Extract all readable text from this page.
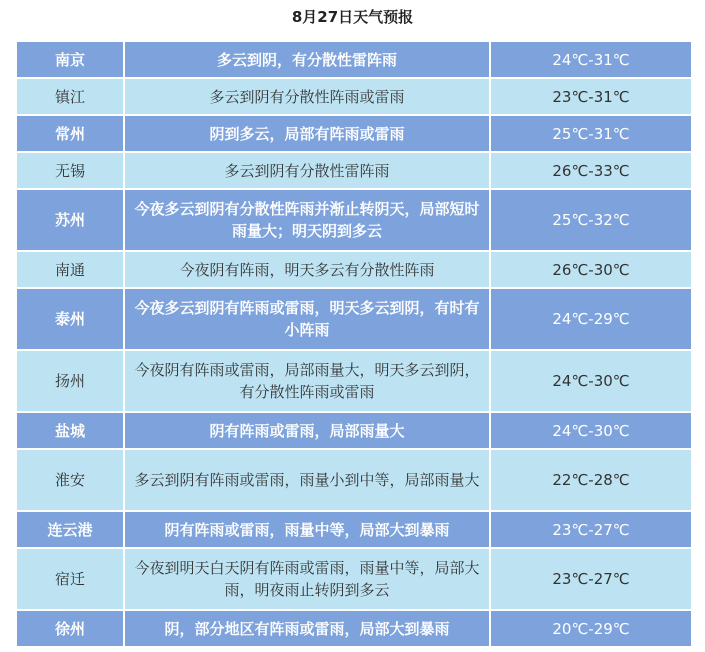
8月27日天气预报
南京	多云到阴，有分散性雷阵雨	24℃-31℃
镇江	多云到阴有分散性阵雨或雷雨	23℃-31℃
常州	阴到多云，局部有阵雨或雷雨	25℃-31℃
无锡	多云到阴有分散性雷阵雨	26℃-33℃
苏州	今夜多云到阴有分散性阵雨并渐止转阴天，局部短时雨量大；明天阴到多云	25℃-32℃
南通	今夜阴有阵雨，明天多云有分散性阵雨	26℃-30℃
泰州	今夜多云到阴有阵雨或雷雨，明天多云到阴，有时有小阵雨	24℃-29℃
扬州	今夜阴有阵雨或雷雨，局部雨量大，明天多云到阴，有分散性阵雨或雷雨	24℃-30℃
盐城	阴有阵雨或雷雨，局部雨量大	24℃-30℃
淮安	多云到阴有阵雨或雷雨，雨量小到中等，局部雨量大	22℃-28℃
连云港	阴有阵雨或雷雨，雨量中等，局部大到暴雨	23℃-27℃
宿迁	今夜到明天白天阴有阵雨或雷雨，雨量中等，局部大雨，明夜雨止转阴到多云	23℃-27℃
徐州	阴，部分地区有阵雨或雷雨，局部大到暴雨	20℃-29℃
